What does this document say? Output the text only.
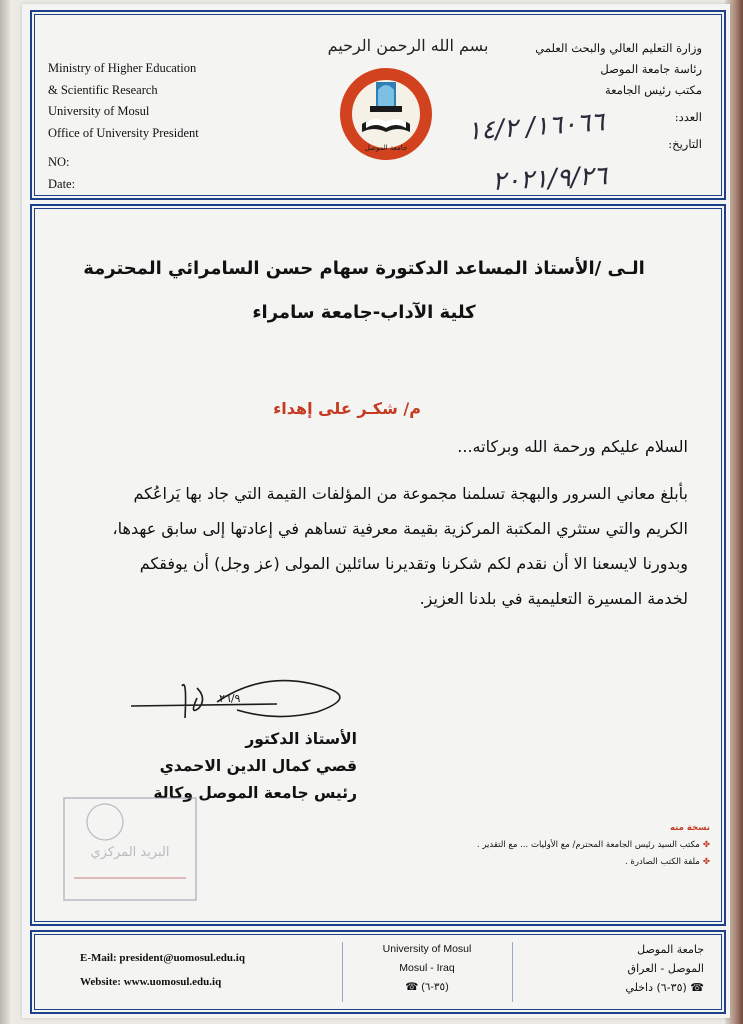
بسم الله الرحمن الرحيم
Ministry of Higher Education
& Scientific Research
University of Mosul
Office of University President
NO:
Date:
جامعة الموصل
١٦٠٦٦/ ١٤/٢
٢٠٢١/٩/٢٦
وزارة التعليم العالي والبحث العلمي
رئاسة جامعة الموصل
مكتب رئيس الجامعة
العدد:
التاريخ:
الـى /الأستاذ المساعد الدكتورة سهام حسن السامرائي المحترمة
كلية الآداب-جامعة سامراء
م/ شكـر على إهداء
السلام عليكم ورحمة الله وبركاته...
بأبلغ معاني السرور والبهجة تسلمنا مجموعة من المؤلفات القيمة التي جاد بها يَراعُكم
الكريم والتي ستثري المكتبة المركزية بقيمة معرفية تساهم في إعادتها إلى سابق عهدها،
وبدورنا لايسعنا الا أن نقدم لكم شكرنا وتقديرنا سائلين المولى (عز وجل) أن يوفقكم
لخدمة المسيرة التعليمية في بلدنا العزيز.
٢٦/٩
الأستاذ الدكتور
قصي كمال الدين الاحمدي
رئيس جامعة الموصل وكالة
البريد المركزي
نسخة منه
✤مكتب السيد رئيس الجامعة المحترم/ مع الأوليات ... مع التقدير .
✤ملفة الكتب الصادرة .
E-Mail: president@uomosul.edu.iq
Website: www.uomosul.edu.iq
University of Mosul
Mosul - Iraq
☎ (٣٥-٦)
جامعة الموصل
الموصل - العراق
☎ (٣٥-٦) داخلي
